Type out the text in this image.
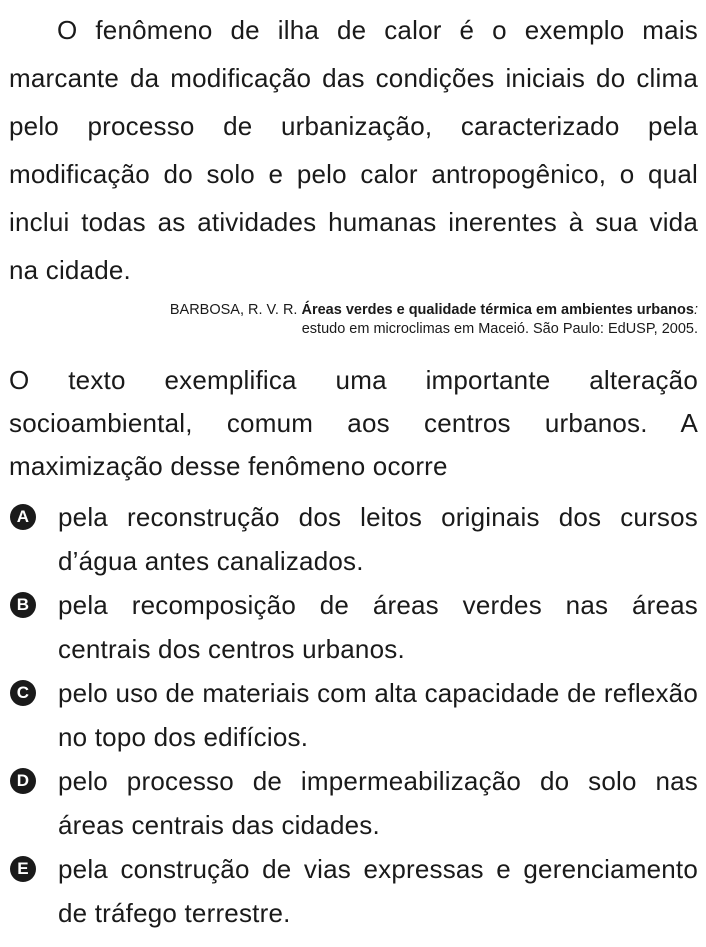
O fenômeno de ilha de calor é o exemplo mais marcante da modificação das condições iniciais do clima pelo processo de urbanização, caracterizado pela modificação do solo e pelo calor antropogênico, o qual inclui todas as atividades humanas inerentes à sua vida na cidade.

BARBOSA, R. V. R. Áreas verdes e qualidade térmica em ambientes urbanos:
estudo em microclimas em Maceió. São Paulo: EdUSP, 2005.

O texto exemplifica uma importante alteração socioambiental, comum aos centros urbanos. A maximização desse fenômeno ocorre

A pela reconstrução dos leitos originais dos cursos d’água antes canalizados.
B pela recomposição de áreas verdes nas áreas centrais dos centros urbanos.
C pelo uso de materiais com alta capacidade de reflexão no topo dos edifícios.
D pelo processo de impermeabilização do solo nas áreas centrais das cidades.
E pela construção de vias expressas e gerenciamento de tráfego terrestre.
